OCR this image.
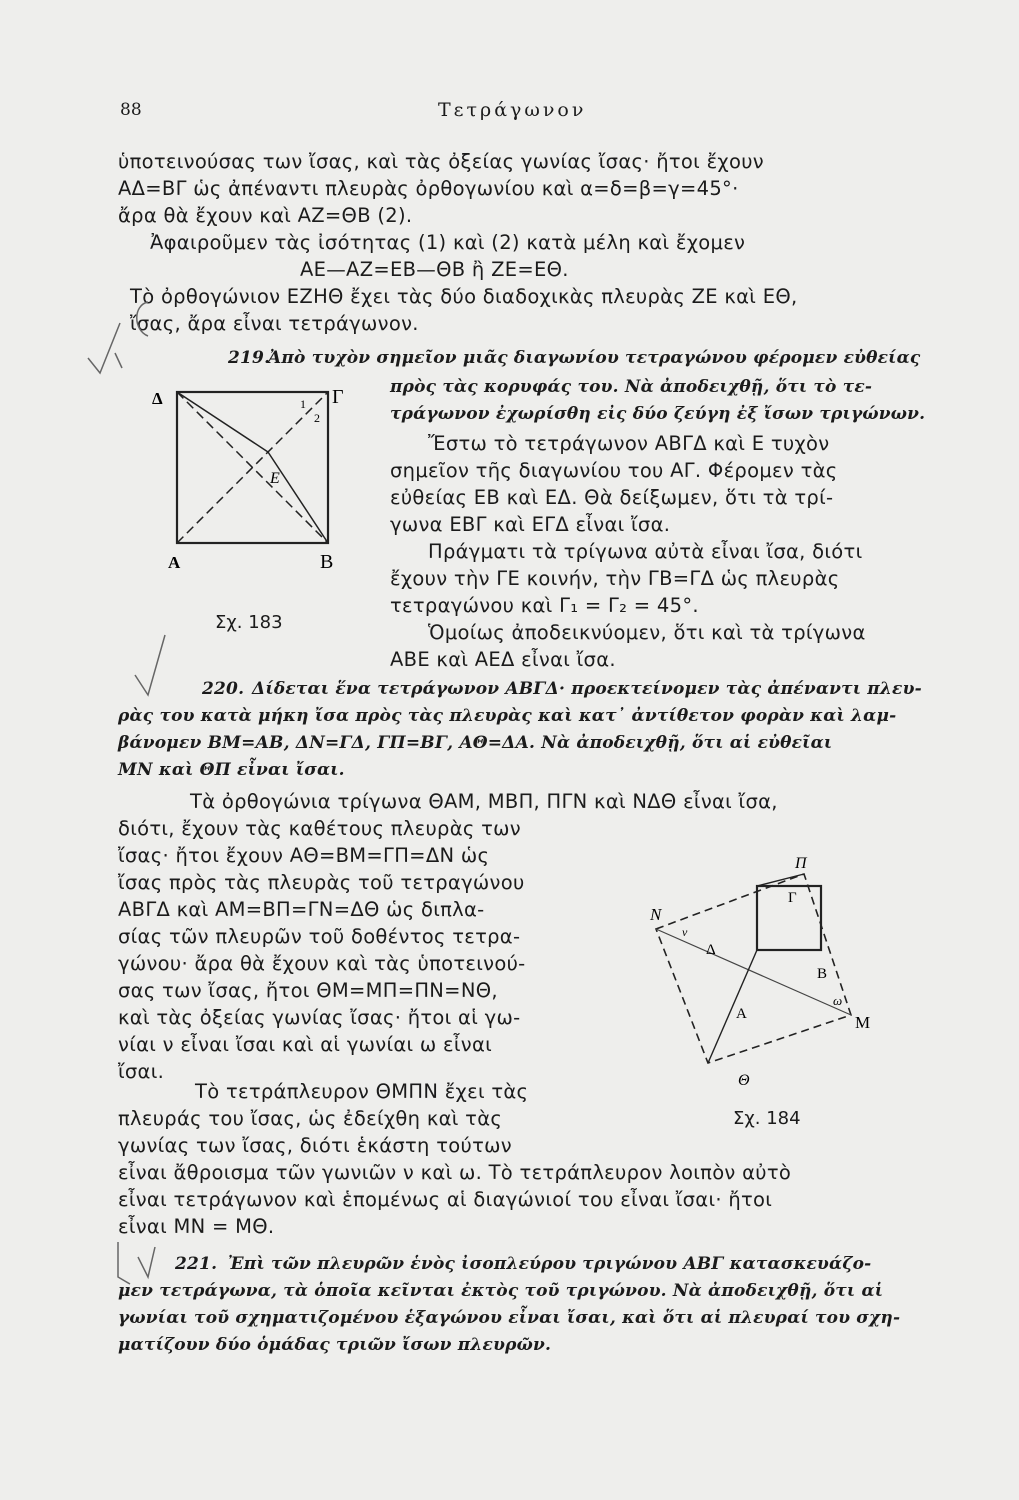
88	Τετράγωνον
ὑποτεινούσας των ἴσας, καὶ τὰς ὀξείας γωνίας ἴσας· ἤτοι ἔχουν
ΑΔ=ΒΓ ὡς ἀπέναντι πλευρὰς ὀρθογωνίου καὶ α=δ=β=γ=45°·
ἄρα θὰ ἔχουν καὶ ΑΖ=ΘΒ (2).
Ἀφαιροῦμεν τὰς ἰσότητας (1) καὶ (2) κατὰ μέλη καὶ ἔχομεν
ΑΕ—ΑΖ=ΕΒ—ΘΒ ἢ ΖΕ=ΕΘ.
Τὸ ὀρθογώνιον ΕΖΗΘ ἔχει τὰς δύο διαδοχικὰς πλευρὰς ΖΕ καὶ ΕΘ,
ἴσας, ἄρα εἶναι τετράγωνον.
219.
Ἀπὸ τυχὸν σημεῖον μιᾶς διαγωνίου τετραγώνου φέρομεν εὐθείας
πρὸς τὰς κορυφάς του. Νὰ ἀποδειχθῇ, ὅτι τὸ τε-
τράγωνον ἐχωρίσθη εἰς δύο ζεύγη ἐξ ἴσων τριγώνων.
Ἔστω τὸ τετράγωνον ΑΒΓΔ καὶ Ε τυχὸν
σημεῖον τῆς διαγωνίου του ΑΓ. Φέρομεν τὰς
εὐθείας ΕΒ καὶ ΕΔ. Θὰ δείξωμεν, ὅτι τὰ τρί-
γωνα ΕΒΓ καὶ ΕΓΔ εἶναι ἴσα.
Πράγματι τὰ τρίγωνα αὐτὰ εἶναι ἴσα, διότι
ἔχουν τὴν ΓΕ κοινήν, τὴν ΓΒ=ΓΔ ὡς πλευρὰς
τετραγώνου καὶ Γ₁ = Γ₂ = 45°.
Ὁμοίως ἀποδεικνύομεν, ὅτι καὶ τὰ τρίγωνα
ΑΒΕ καὶ ΑΕΔ εἶναι ἴσα.
Δ	Γ
Α	Β
Ε
1
2
Σχ. 183
220. Δίδεται ἕνα τετράγωνον ΑΒΓΔ· προεκτείνομεν τὰς ἀπέναντι πλευ-
ρὰς του κατὰ μήκη ἴσα πρὸς τὰς πλευρὰς καὶ κατ᾿ ἀντίθετον φορὰν καὶ λαμ-
βάνομεν ΒΜ=ΑΒ, ΔΝ=ΓΔ, ΓΠ=ΒΓ, ΑΘ=ΔΑ. Νὰ ἀποδειχθῇ, ὅτι αἱ εὐθεῖαι
ΜΝ καὶ ΘΠ εἶναι ἴσαι.
Τὰ ὀρθογώνια τρίγωνα ΘΑΜ, ΜΒΠ, ΠΓΝ καὶ ΝΔΘ εἶναι ἴσα,
διότι, ἔχουν τὰς καθέτους πλευρὰς των
ἴσας· ἤτοι ἔχουν ΑΘ=ΒΜ=ΓΠ=ΔΝ ὡς
ἴσας πρὸς τὰς πλευρὰς τοῦ τετραγώνου
ΑΒΓΔ καὶ ΑΜ=ΒΠ=ΓΝ=ΔΘ ὡς διπλα-
σίας τῶν πλευρῶν τοῦ δοθέντος τετρα-
γώνου· ἄρα θὰ ἔχουν καὶ τὰς ὑποτεινού-
σας των ἴσας, ἤτοι ΘΜ=ΜΠ=ΠΝ=ΝΘ,
καὶ τὰς ὀξείας γωνίας ἴσας· ἤτοι αἱ γω-
νίαι ν εἶναι ἴσαι καὶ αἱ γωνίαι ω εἶναι
ἴσαι.
Τὸ τετράπλευρον ΘΜΠΝ ἔχει τὰς
πλευράς του ἴσας, ὡς ἐδείχθη καὶ τὰς
γωνίας των ἴσας, διότι ἑκάστη τούτων
εἶναι ἄθροισμα τῶν γωνιῶν ν καὶ ω. Τὸ τετράπλευρον λοιπὸν αὐτὸ
εἶναι τετράγωνον καὶ ἑπομένως αἱ διαγώνιοί του εἶναι ἴσαι· ἤτοι
εἶναι ΜΝ = ΜΘ.
Π
Γ
Ν
Δ
Β
Α	Μ
Θ
ν
ω
Σχ. 184
221. Ἐπὶ τῶν πλευρῶν ἑνὸς ἰσοπλεύρου τριγώνου ΑΒΓ κατασκευάζο-
μεν τετράγωνα, τὰ ὁποῖα κεῖνται ἐκτὸς τοῦ τριγώνου. Νὰ ἀποδειχθῇ, ὅτι αἱ
γωνίαι τοῦ σχηματιζομένου ἑξαγώνου εἶναι ἴσαι, καὶ ὅτι αἱ πλευραί του σχη-
ματίζουν δύο ὁμάδας τριῶν ἴσων πλευρῶν.
